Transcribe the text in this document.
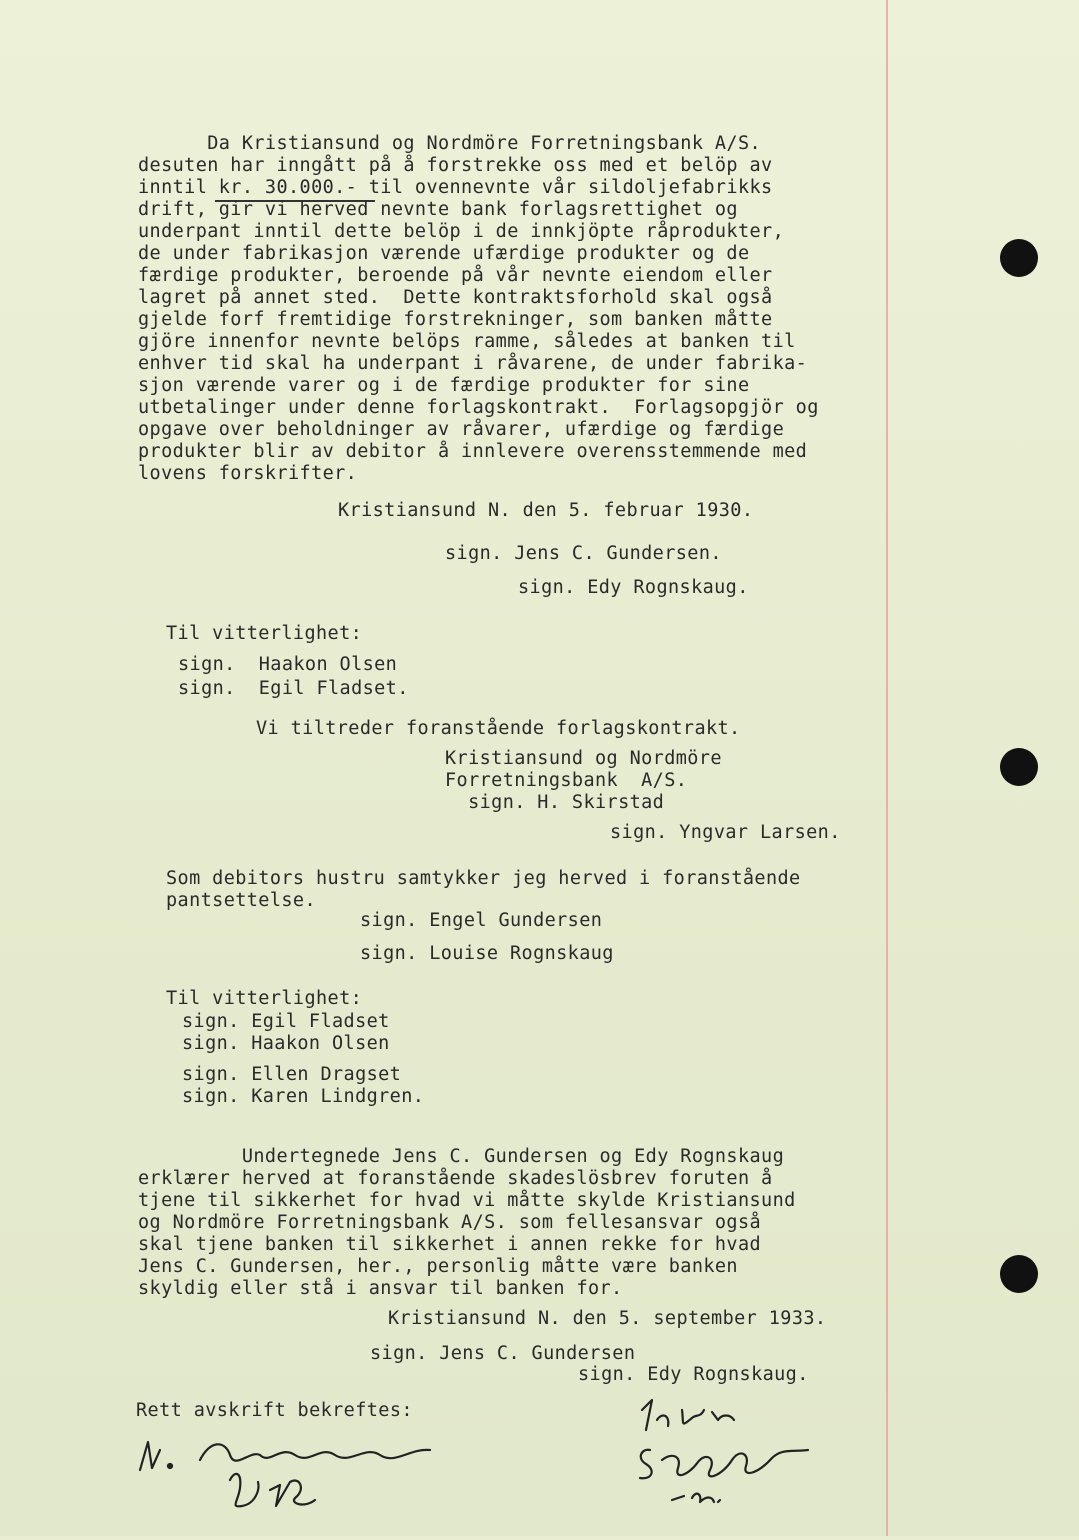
Da Kristiansund og Nordmöre Forretningsbank A/S.
desuten har inngått på å forstrekke oss med et belöp av
inntil kr. 30.000.- til ovennevnte vår sildoljefabrikks
drift, gir vi herved nevnte bank forlagsrettighet og
underpant inntil dette belöp i de innkjöpte råprodukter,
de under fabrikasjon værende ufærdige produkter og de
færdige produkter, beroende på vår nevnte eiendom eller
lagret på annet sted.  Dette kontraktsforhold skal også
gjelde forf fremtidige forstrekninger, som banken måtte
gjöre innenfor nevnte belöps ramme, således at banken til
enhver tid skal ha underpant i råvarene, de under fabrika-
sjon værende varer og i de færdige produkter for sine
utbetalinger under denne forlagskontrakt.  Forlagsopgjör og
opgave over beholdninger av råvarer, ufærdige og færdige
produkter blir av debitor å innlevere overensstemmende med
lovens forskrifter.
Kristiansund N. den 5. februar 1930.
sign. Jens C. Gundersen.
sign. Edy Rognskaug.
Til vitterlighet:
sign.  Haakon Olsen
sign.  Egil Fladset.
Vi tiltreder foranstående forlagskontrakt.
Kristiansund og Nordmöre
Forretningsbank  A/S.
sign. H. Skirstad
sign. Yngvar Larsen.
Som debitors hustru samtykker jeg herved i foranstående
pantsettelse.
sign. Engel Gundersen
sign. Louise Rognskaug
Til vitterlighet:
sign. Egil Fladset
sign. Haakon Olsen
sign. Ellen Dragset
sign. Karen Lindgren.
Undertegnede Jens C. Gundersen og Edy Rognskaug
erklærer herved at foranstående skadeslösbrev foruten å
tjene til sikkerhet for hvad vi måtte skylde Kristiansund
og Nordmöre Forretningsbank A/S. som fellesansvar også
skal tjene banken til sikkerhet i annen rekke for hvad
Jens C. Gundersen, her., personlig måtte være banken
skyldig eller stå i ansvar til banken for.
Kristiansund N. den 5. september 1933.
sign. Jens C. Gundersen
sign. Edy Rognskaug.
Rett avskrift bekreftes:
